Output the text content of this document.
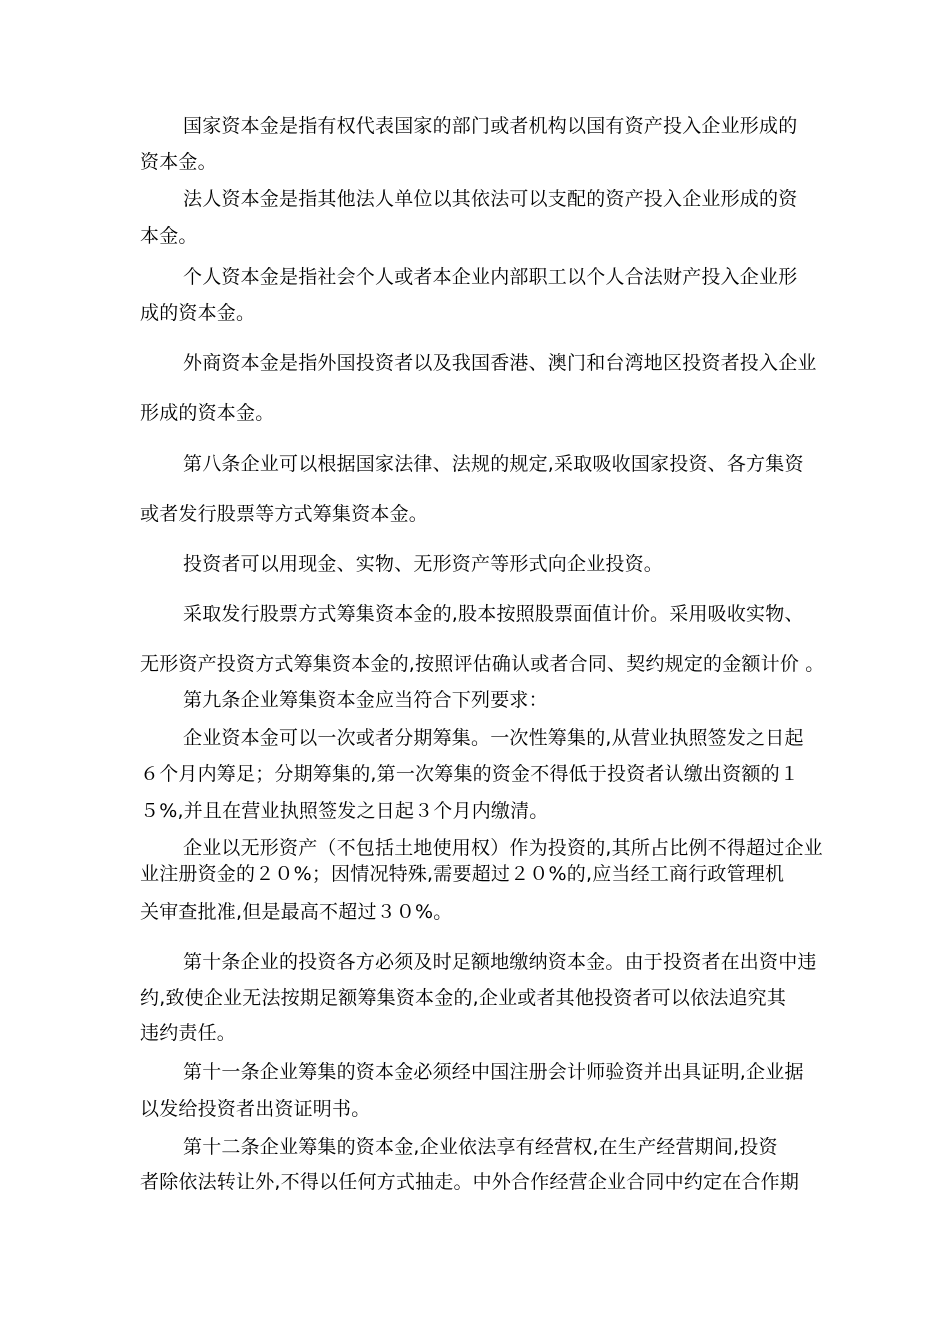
国家资本金是指有权代表国家的部门或者机构以国有资产投入企业形成的
资本金。
法人资本金是指其他法人单位以其依法可以支配的资产投入企业形成的资
本金。
个人资本金是指社会个人或者本企业内部职工以个人合法财产投入企业形
成的资本金。
外商资本金是指外国投资者以及我国香港、澳门和台湾地区投资者投入企业
形成的资本金。
第八条企业可以根据国家法律、法规的规定,采取吸收国家投资、各方集资
或者发行股票等方式筹集资本金。
投资者可以用现金、实物、无形资产等形式向企业投资。
采取发行股票方式筹集资本金的,股本按照股票面值计价。采用吸收实物、
无形资产投资方式筹集资本金的,按照评估确认或者合同、契约规定的金额计价 。
第九条企业筹集资本金应当符合下列要求：
企业资本金可以一次或者分期筹集。一次性筹集的,从营业执照签发之日起
６个月内筹足；分期筹集的,第一次筹集的资金不得低于投资者认缴出资额的１
５%,并且在营业执照签发之日起３个月内缴清。
企业以无形资产（不包括土地使用权）作为投资的,其所占比例不得超过企业
业注册资金的２０%；因情况特殊,需要超过２０%的,应当经工商行政管理机
关审查批准,但是最高不超过３０%。
第十条企业的投资各方必须及时足额地缴纳资本金。由于投资者在出资中违
约,致使企业无法按期足额筹集资本金的,企业或者其他投资者可以依法追究其
违约责任。
第十一条企业筹集的资本金必须经中国注册会计师验资并出具证明,企业据
以发给投资者出资证明书。
第十二条企业筹集的资本金,企业依法享有经营权,在生产经营期间,投资
者除依法转让外,不得以任何方式抽走。中外合作经营企业合同中约定在合作期
